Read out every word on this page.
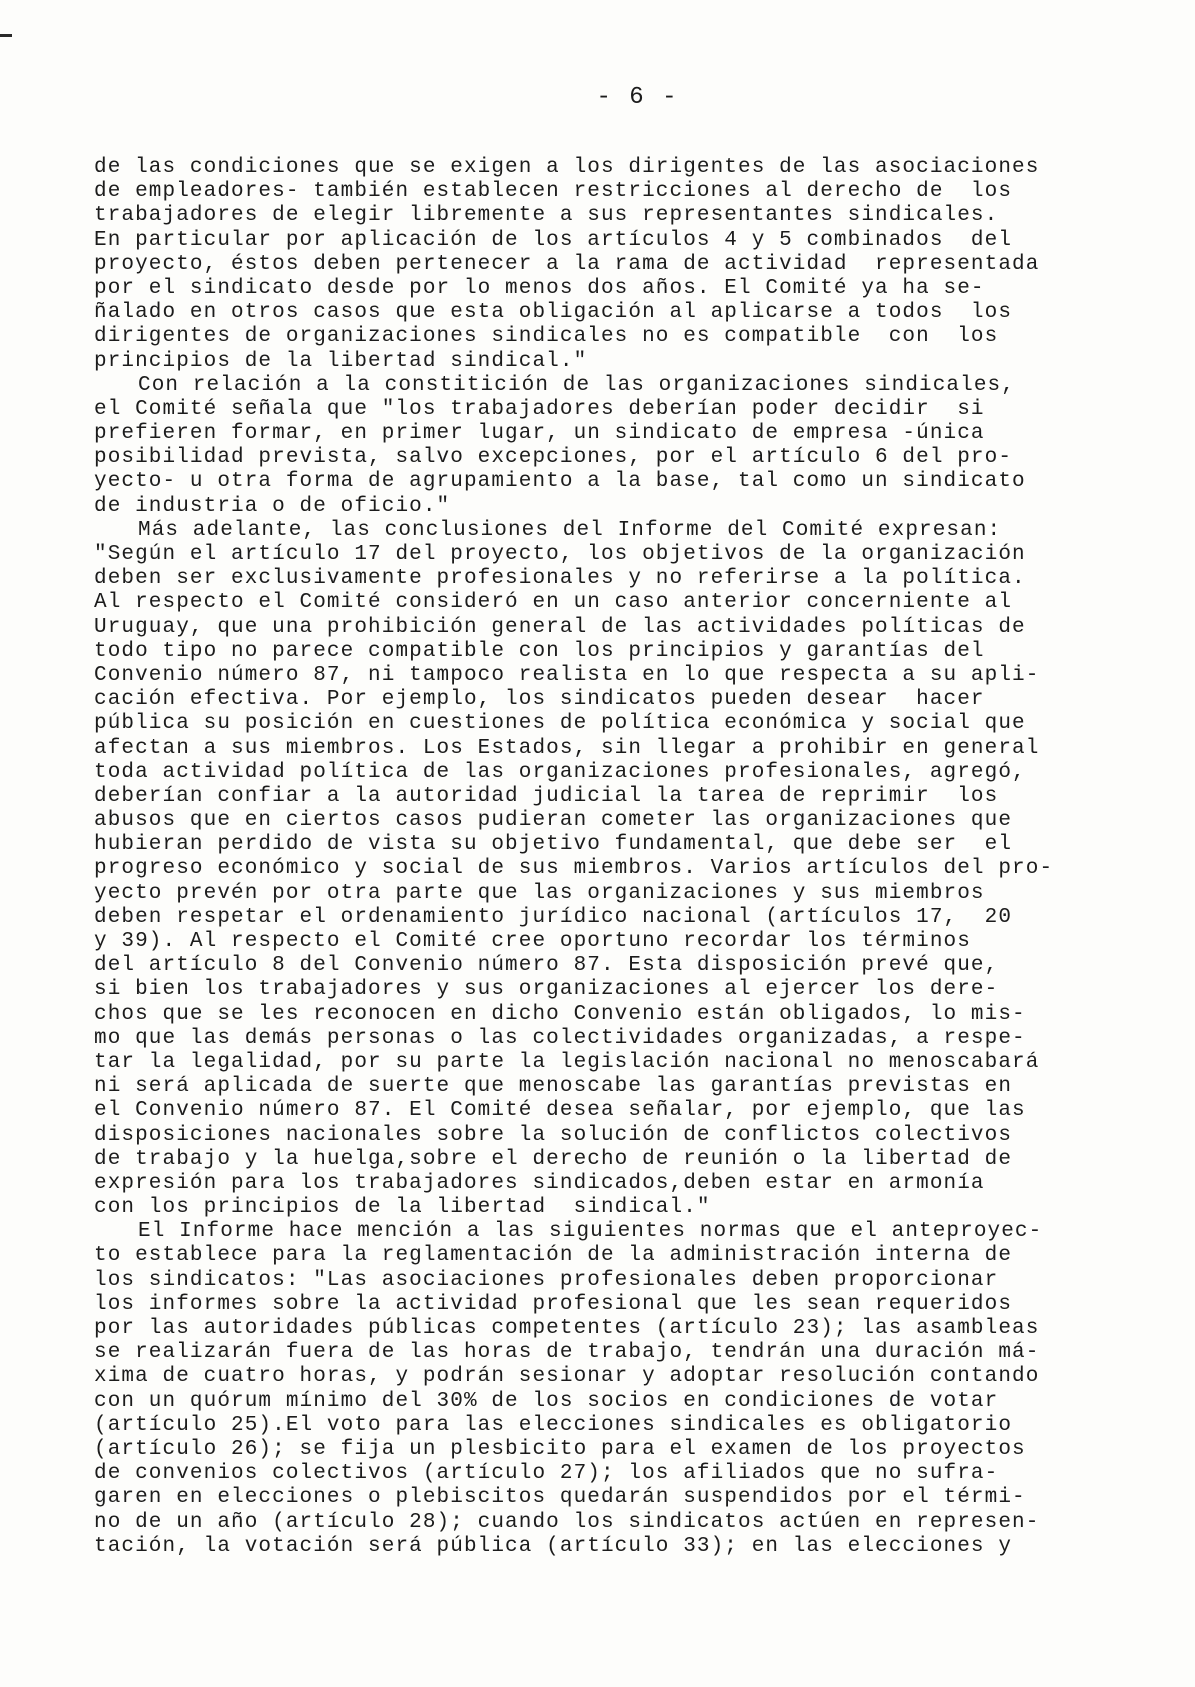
- 6 -
de las condiciones que se exigen a los dirigentes de las asociaciones
de empleadores- también establecen restricciones al derecho de  los
trabajadores de elegir libremente a sus representantes sindicales.
En particular por aplicación de los artículos 4 y 5 combinados  del
proyecto, éstos deben pertenecer a la rama de actividad  representada
por el sindicato desde por lo menos dos años. El Comité ya ha se-
ñalado en otros casos que esta obligación al aplicarse a todos  los
dirigentes de organizaciones sindicales no es compatible  con  los
principios de la libertad sindical."
Con relación a la constitición de las organizaciones sindicales,
el Comité señala que "los trabajadores deberían poder decidir  si
prefieren formar, en primer lugar, un sindicato de empresa -única
posibilidad prevista, salvo excepciones, por el artículo 6 del pro-
yecto- u otra forma de agrupamiento a la base, tal como un sindicato
de industria o de oficio."
Más adelante, las conclusiones del Informe del Comité expresan:
"Según el artículo 17 del proyecto, los objetivos de la organización
deben ser exclusivamente profesionales y no referirse a la política.
Al respecto el Comité consideró en un caso anterior concerniente al
Uruguay, que una prohibición general de las actividades políticas de
todo tipo no parece compatible con los principios y garantías del
Convenio número 87, ni tampoco realista en lo que respecta a su apli-
cación efectiva. Por ejemplo, los sindicatos pueden desear  hacer
pública su posición en cuestiones de política económica y social que
afectan a sus miembros. Los Estados, sin llegar a prohibir en general
toda actividad política de las organizaciones profesionales, agregó,
deberían confiar a la autoridad judicial la tarea de reprimir  los
abusos que en ciertos casos pudieran cometer las organizaciones que
hubieran perdido de vista su objetivo fundamental, que debe ser  el
progreso económico y social de sus miembros. Varios artículos del pro-
yecto prevén por otra parte que las organizaciones y sus miembros
deben respetar el ordenamiento jurídico nacional (artículos 17,  20
y 39). Al respecto el Comité cree oportuno recordar los términos
del artículo 8 del Convenio número 87. Esta disposición prevé que,
si bien los trabajadores y sus organizaciones al ejercer los dere-
chos que se les reconocen en dicho Convenio están obligados, lo mis-
mo que las demás personas o las colectividades organizadas, a respe-
tar la legalidad, por su parte la legislación nacional no menoscabará
ni será aplicada de suerte que menoscabe las garantías previstas en
el Convenio número 87. El Comité desea señalar, por ejemplo, que las
disposiciones nacionales sobre la solución de conflictos colectivos
de trabajo y la huelga,sobre el derecho de reunión o la libertad de
expresión para los trabajadores sindicados,deben estar en armonía
con los principios de la libertad  sindical."
El Informe hace mención a las siguientes normas que el anteproyec-
to establece para la reglamentación de la administración interna de
los sindicatos: "Las asociaciones profesionales deben proporcionar
los informes sobre la actividad profesional que les sean requeridos
por las autoridades públicas competentes (artículo 23); las asambleas
se realizarán fuera de las horas de trabajo, tendrán una duración má-
xima de cuatro horas, y podrán sesionar y adoptar resolución contando
con un quórum mínimo del 30% de los socios en condiciones de votar
(artículo 25).El voto para las elecciones sindicales es obligatorio
(artículo 26); se fija un plesbicito para el examen de los proyectos
de convenios colectivos (artículo 27); los afiliados que no sufra-
garen en elecciones o plebiscitos quedarán suspendidos por el térmi-
no de un año (artículo 28); cuando los sindicatos actúen en represen-
tación, la votación será pública (artículo 33); en las elecciones y
